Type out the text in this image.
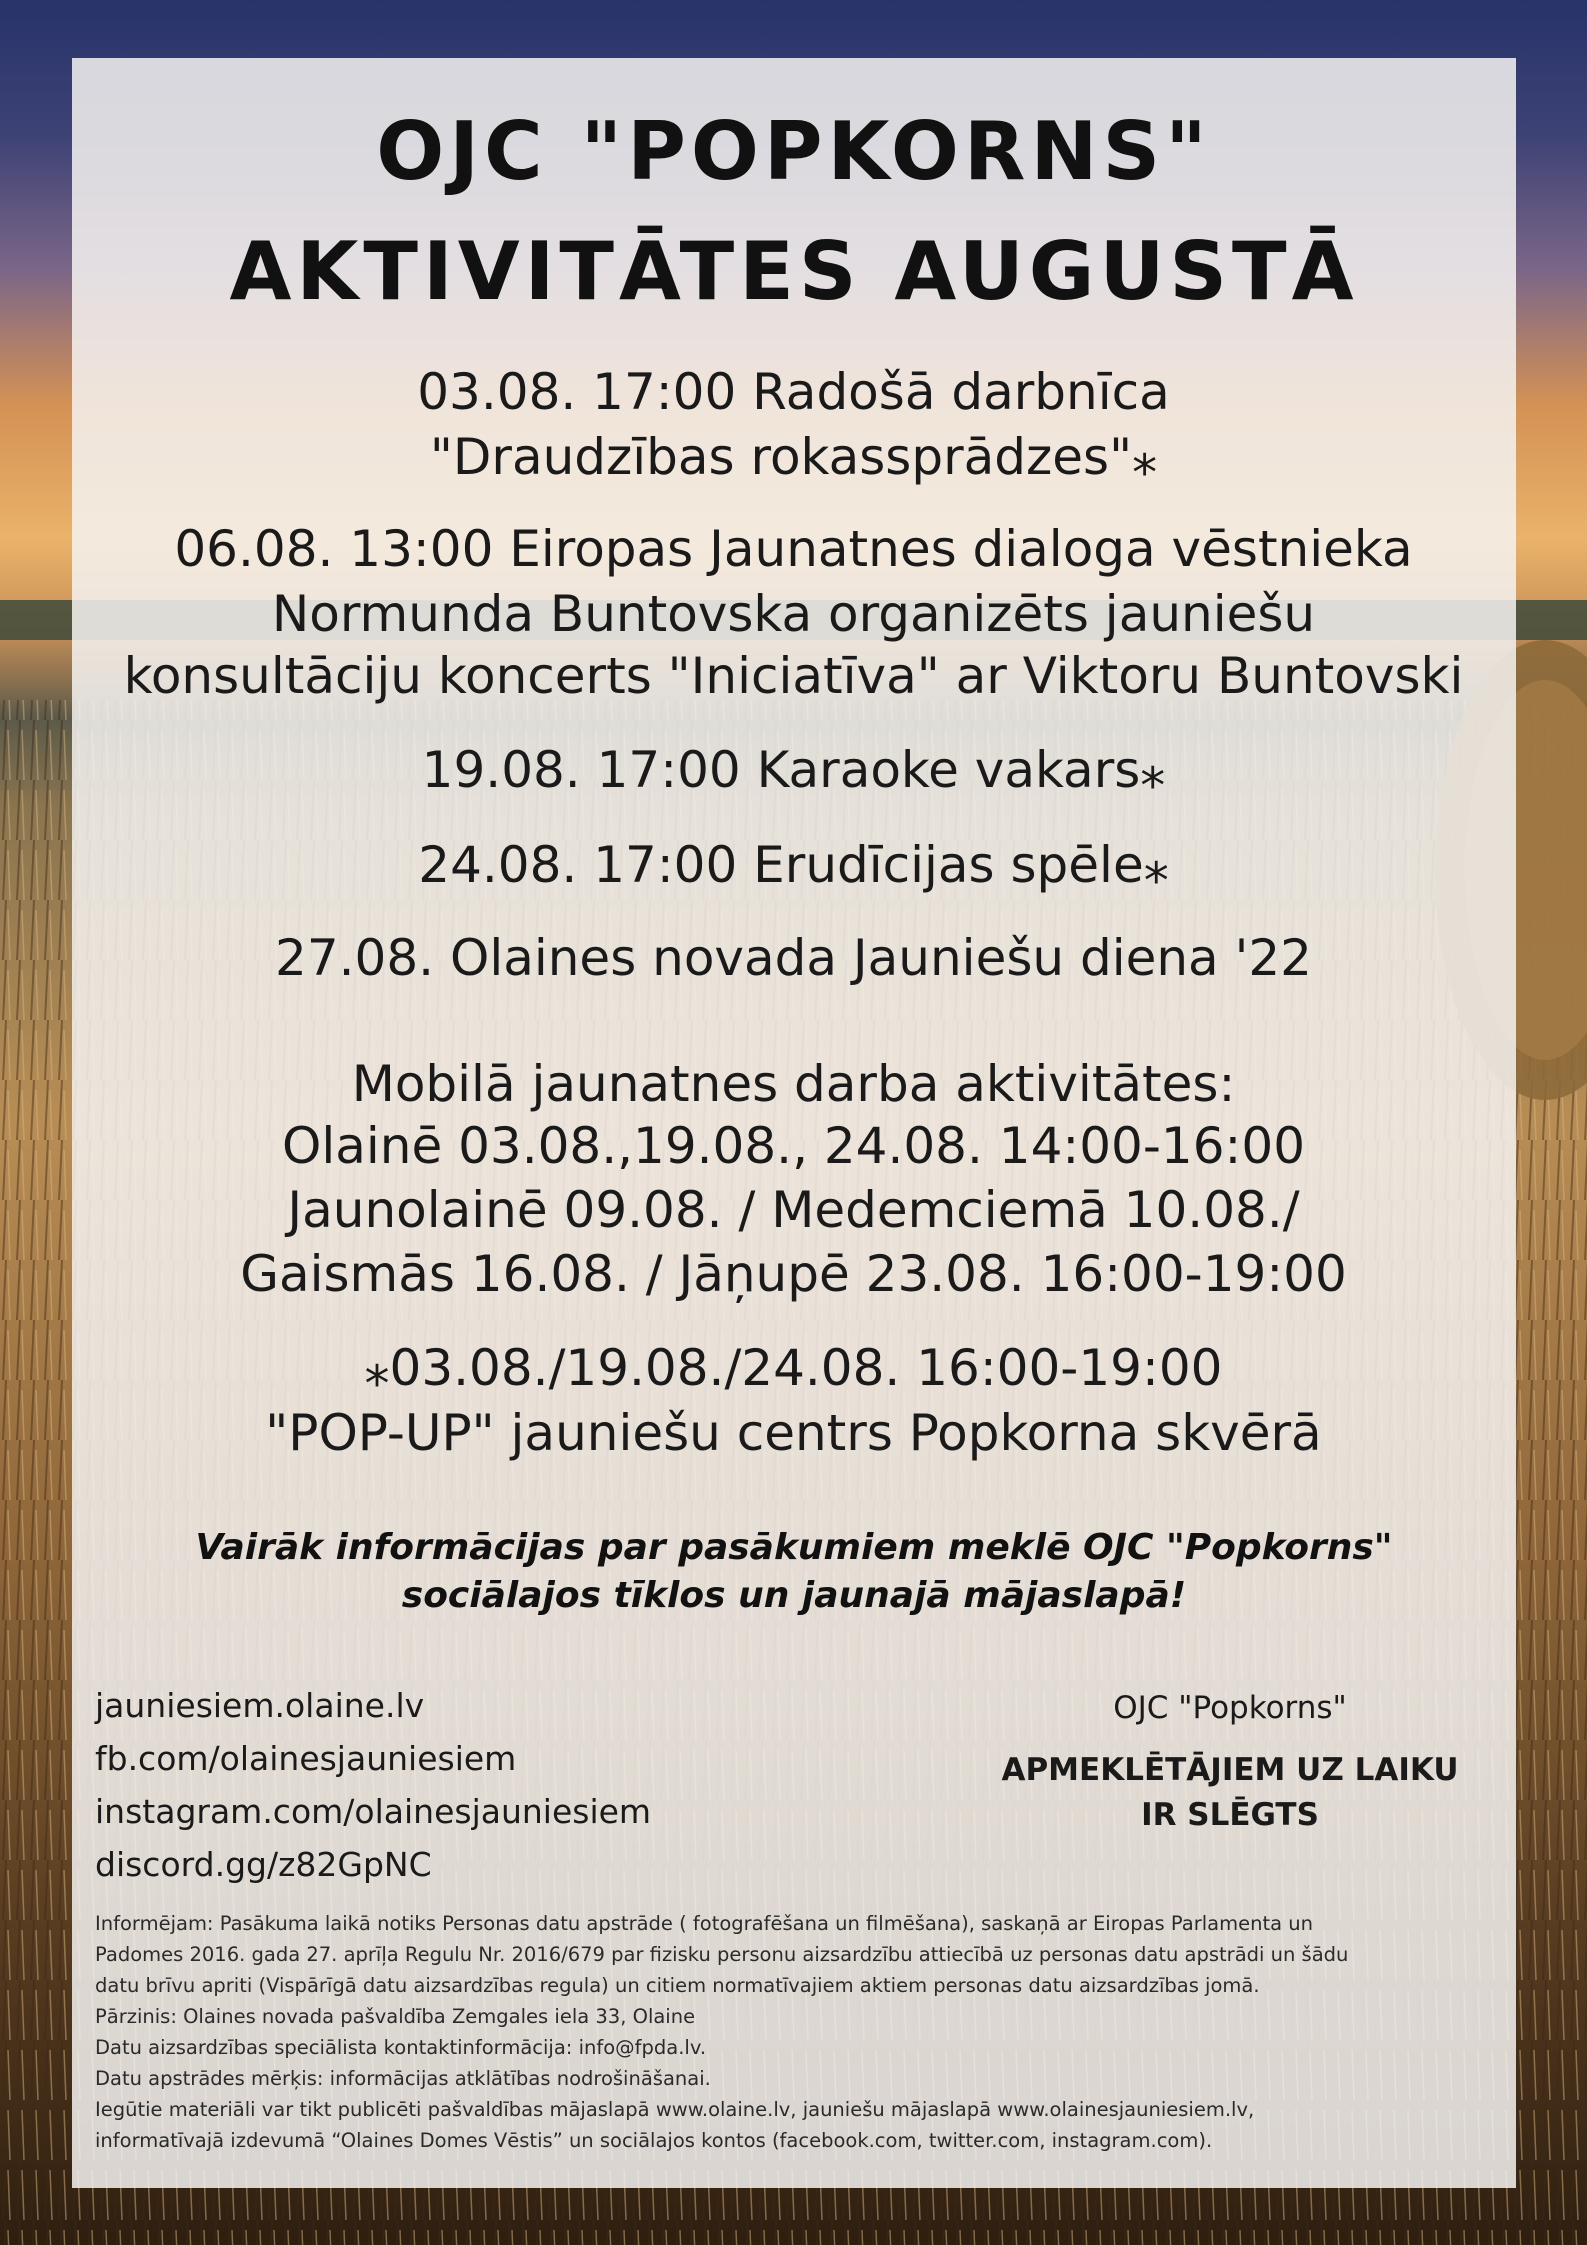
OJC "POPKORNS"
AKTIVITĀTES AUGUSTĀ
03.08. 17:00 Radošā darbnīca
"Draudzības rokassprādzes"⁎
06.08. 13:00 Eiropas Jaunatnes dialoga vēstnieka
Normunda Buntovska organizēts jauniešu
konsultāciju koncerts "Iniciatīva" ar Viktoru Buntovski
19.08. 17:00 Karaoke vakars⁎
24.08. 17:00 Erudīcijas spēle⁎
27.08. Olaines novada Jauniešu diena '22
Mobilā jaunatnes darba aktivitātes:
Olainē 03.08.,19.08., 24.08. 14:00-16:00
Jaunolainē 09.08. / Medemciemā 10.08./
Gaismās 16.08. / Jāņupē 23.08. 16:00-19:00
⁎03.08./19.08./24.08. 16:00-19:00
"POP-UP" jauniešu centrs Popkorna skvērā
Vairāk informācijas par pasākumiem meklē OJC "Popkorns"
sociālajos tīklos un jaunajā mājaslapā!
jauniesiem.olaine.lv
fb.com/olainesjauniesiem
instagram.com/olainesjauniesiem
discord.gg/z82GpNC
OJC "Popkorns"
APMEKLĒTĀJIEM UZ LAIKU
IR SLĒGTS
Informējam: Pasākuma laikā notiks Personas datu apstrāde ( fotografēšana un filmēšana), saskaņā ar Eiropas Parlamenta un
Padomes 2016. gada 27. aprīļa Regulu Nr. 2016/679 par fizisku personu aizsardzību attiecībā uz personas datu apstrādi un šādu
datu brīvu apriti (Vispārīgā datu aizsardzības regula) un citiem normatīvajiem aktiem personas datu aizsardzības jomā.
Pārzinis: Olaines novada pašvaldība Zemgales iela 33, Olaine
Datu aizsardzības speciālista kontaktinformācija: info@fpda.lv.
Datu apstrādes mērķis: informācijas atklātības nodrošināšanai.
Iegūtie materiāli var tikt publicēti pašvaldības mājaslapā www.olaine.lv, jauniešu mājaslapā www.olainesjauniesiem.lv,
informatīvajā izdevumā “Olaines Domes Vēstis” un sociālajos kontos (facebook.com, twitter.com, instagram.com).
